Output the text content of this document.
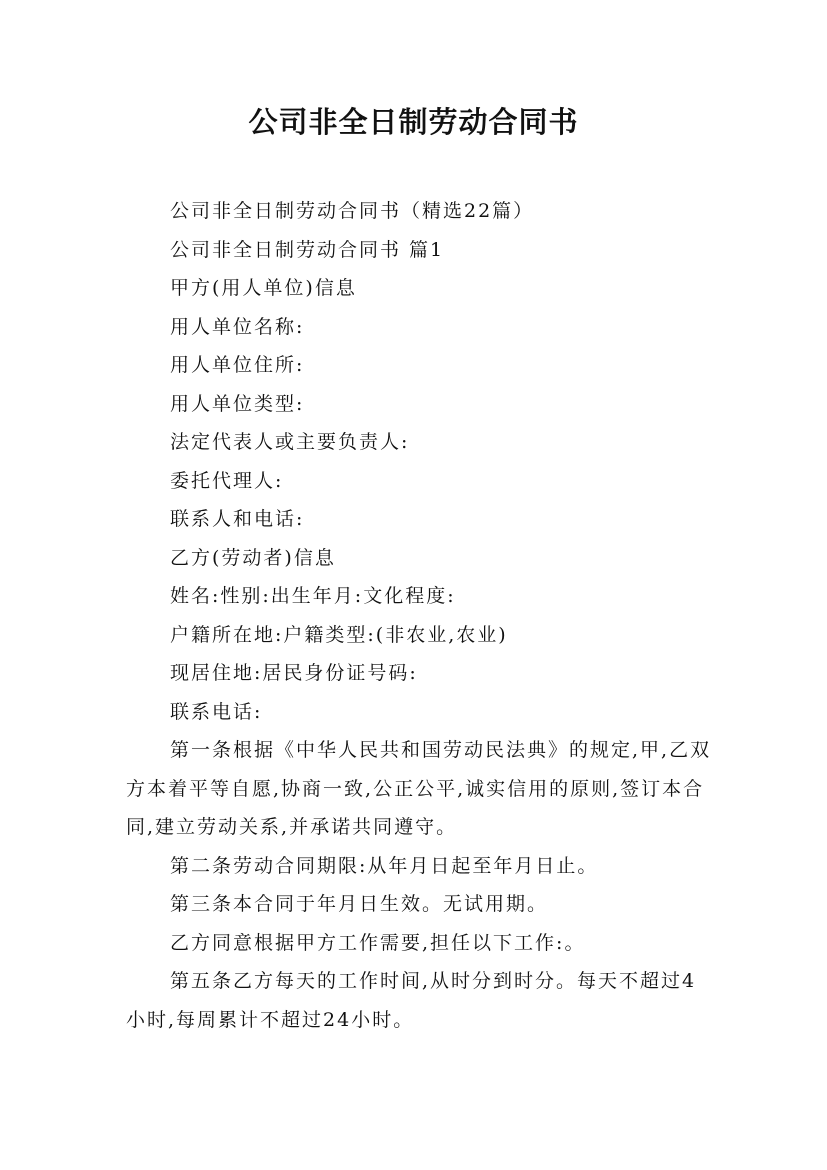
公司非全日制劳动合同书

公司非全日制劳动合同书（精选22篇）

公司非全日制劳动合同书 篇1

甲方(用人单位)信息

用人单位名称:

用人单位住所:

用人单位类型:

法定代表人或主要负责人:

委托代理人:

联系人和电话:

乙方(劳动者)信息

姓名:性别:出生年月:文化程度:

户籍所在地:户籍类型:(非农业,农业)

现居住地:居民身份证号码:

联系电话:

第一条根据《中华人民共和国劳动民法典》的规定,甲,乙双方本着平等自愿,协商一致,公正公平,诚实信用的原则,签订本合同,建立劳动关系,并承诺共同遵守。

第二条劳动合同期限:从年月日起至年月日止。

第三条本合同于年月日生效。无试用期。

乙方同意根据甲方工作需要,担任以下工作:。

第五条乙方每天的工作时间,从时分到时分。每天不超过4小时,每周累计不超过24小时。
